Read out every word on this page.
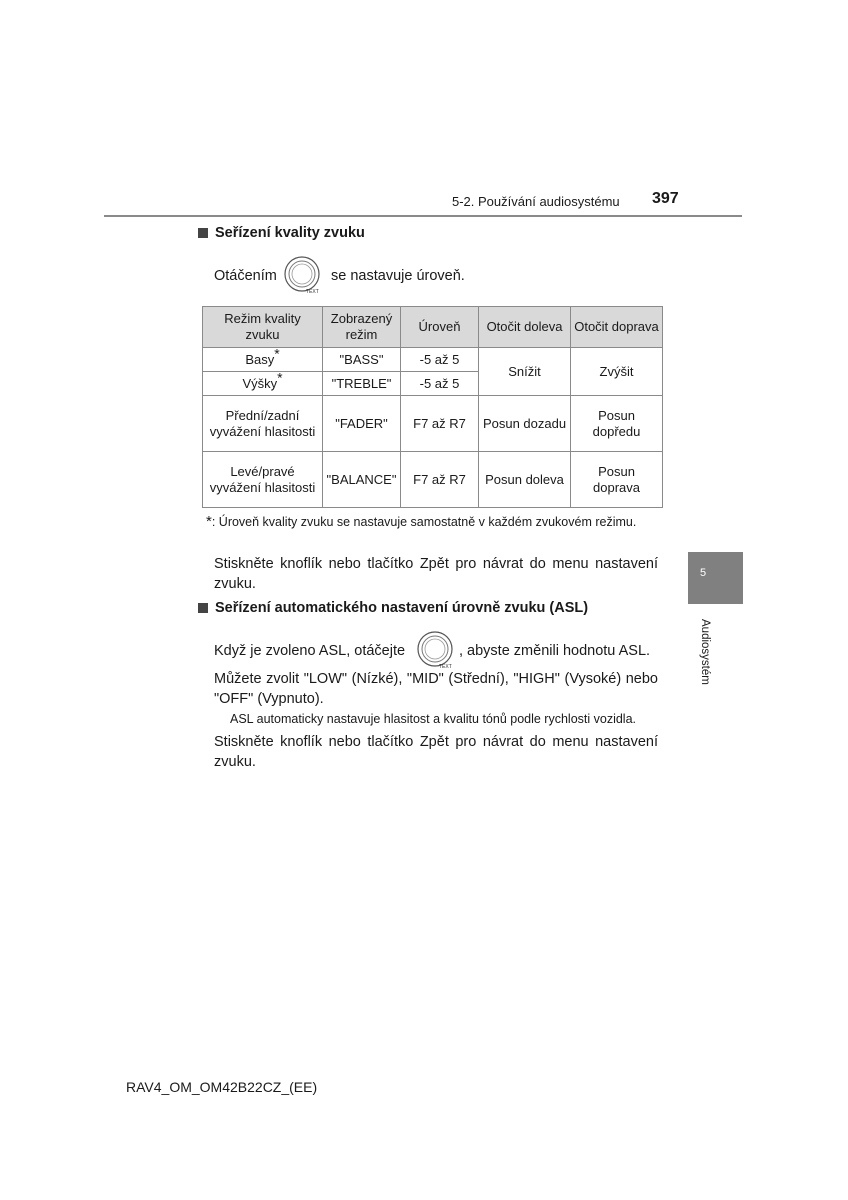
5-2. Používání audiosystému 397
Seřízení kvality zvuku
Otáčením
TEXT
se nastavuje úroveň.
Režim kvality zvuku	Zobrazený režim	Úroveň	Otočit doleva	Otočit doprava
Basy*	"BASS"	-5 až 5	Snížit	Zvýšit
Výšky*	"TREBLE"	-5 až 5		
Přední/zadní vyvážení hlasitosti	"FADER"	F7 až R7	Posun dozadu	Posun dopředu
Levé/pravé vyvážení hlasitosti	"BALANCE"	F7 až R7	Posun doleva	Posun doprava
*: Úroveň kvality zvuku se nastavuje samostatně v každém zvukovém režimu.
Stiskněte knoflík nebo tlačítko Zpět pro návrat do menu nastavení zvuku.
Seřízení automatického nastavení úrovně zvuku (ASL)
Když je zvoleno ASL, otáčejte
TEXT
, abyste změnili hodnotu ASL.
Můžete zvolit "LOW" (Nízké), "MID" (Střední), "HIGH" (Vysoké) nebo "OFF" (Vypnuto).
ASL automaticky nastavuje hlasitost a kvalitu tónů podle rychlosti vozidla.
Stiskněte knoflík nebo tlačítko Zpět pro návrat do menu nastavení zvuku.
5
Audiosystém
RAV4_OM_OM42B22CZ_(EE)
